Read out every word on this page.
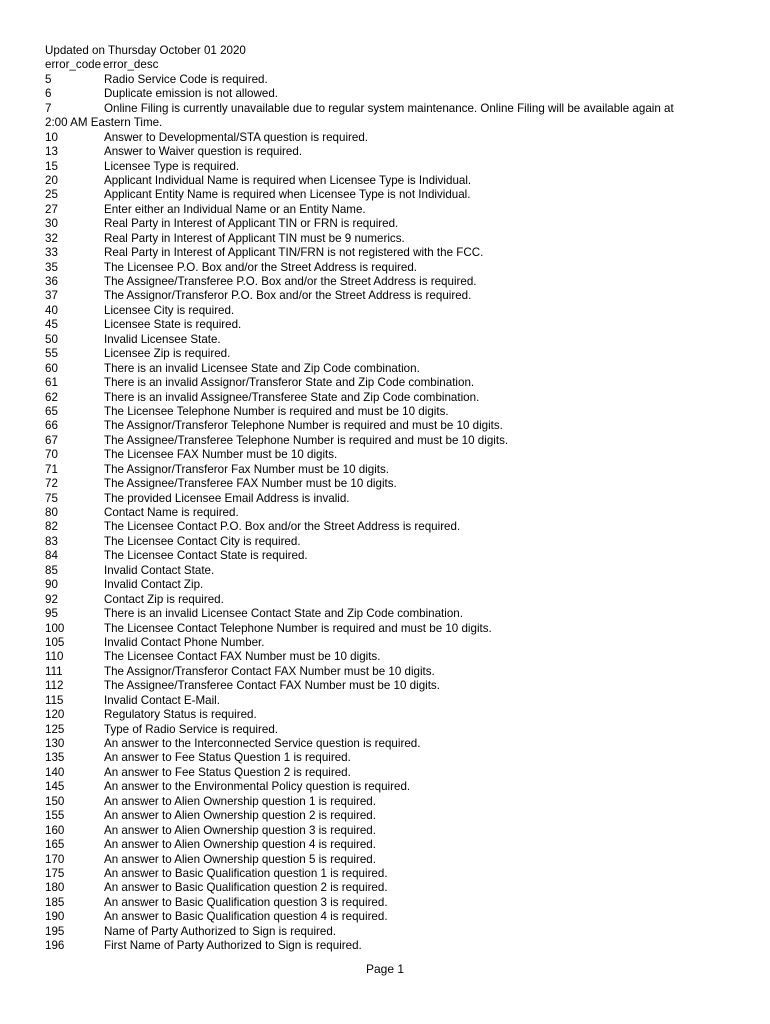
Updated on Thursday October 01 2020
error_code error_desc
5	Radio Service Code is required.
6	Duplicate emission is not allowed.
7	Online Filing is currently unavailable due to regular system maintenance. Online Filing will be available again at
2:00 AM Eastern Time.
10	Answer to Developmental/STA question is required.
13	Answer to Waiver question is required.
15	Licensee Type is required.
20	Applicant Individual Name is required when Licensee Type is Individual.
25	Applicant Entity Name is required when Licensee Type is not Individual.
27	Enter either an Individual Name or an Entity Name.
30	Real Party in Interest of Applicant TIN or FRN is required.
32	Real Party in Interest of Applicant TIN must be 9 numerics.
33	Real Party in Interest of Applicant TIN/FRN is not registered with the FCC.
35	The Licensee P.O. Box and/or the Street Address is required.
36	The Assignee/Transferee P.O. Box and/or the Street Address is required.
37	The Assignor/Transferor P.O. Box and/or the Street Address is required.
40	Licensee City is required.
45	Licensee State is required.
50	Invalid Licensee State.
55	Licensee Zip is required.
60	There is an invalid Licensee State and Zip Code combination.
61	There is an invalid Assignor/Transferor State and Zip Code combination.
62	There is an invalid Assignee/Transferee State and Zip Code combination.
65	The Licensee Telephone Number is required and must be 10 digits.
66	The Assignor/Transferor Telephone Number is required and must be 10 digits.
67	The Assignee/Transferee Telephone Number is required and must be 10 digits.
70	The Licensee FAX Number must be 10 digits.
71	The Assignor/Transferor Fax Number must be 10 digits.
72	The Assignee/Transferee FAX Number must be 10 digits.
75	The provided Licensee Email Address is invalid.
80	Contact Name is required.
82	The Licensee Contact P.O. Box and/or the Street Address is required.
83	The Licensee Contact City is required.
84	The Licensee Contact State is required.
85	Invalid Contact State.
90	Invalid Contact Zip.
92	Contact Zip is required.
95	There is an invalid Licensee Contact State and Zip Code combination.
100	The Licensee Contact Telephone Number is required and must be 10 digits.
105	Invalid Contact Phone Number.
110	The Licensee Contact FAX Number must be 10 digits.
111	The Assignor/Transferor Contact FAX Number must be 10 digits.
112	The Assignee/Transferee Contact FAX Number must be 10 digits.
115	Invalid Contact E-Mail.
120	Regulatory Status is required.
125	Type of Radio Service is required.
130	An answer to the Interconnected Service question is required.
135	An answer to Fee Status Question 1 is required.
140	An answer to Fee Status Question 2 is required.
145	An answer to the Environmental Policy question is required.
150	An answer to Alien Ownership question 1 is required.
155	An answer to Alien Ownership question 2 is required.
160	An answer to Alien Ownership question 3 is required.
165	An answer to Alien Ownership question 4 is required.
170	An answer to Alien Ownership question 5 is required.
175	An answer to Basic Qualification question 1 is required.
180	An answer to Basic Qualification question 2 is required.
185	An answer to Basic Qualification question 3 is required.
190	An answer to Basic Qualification question 4 is required.
195	Name of Party Authorized to Sign is required.
196	First Name of Party Authorized to Sign is required.
Page 1
